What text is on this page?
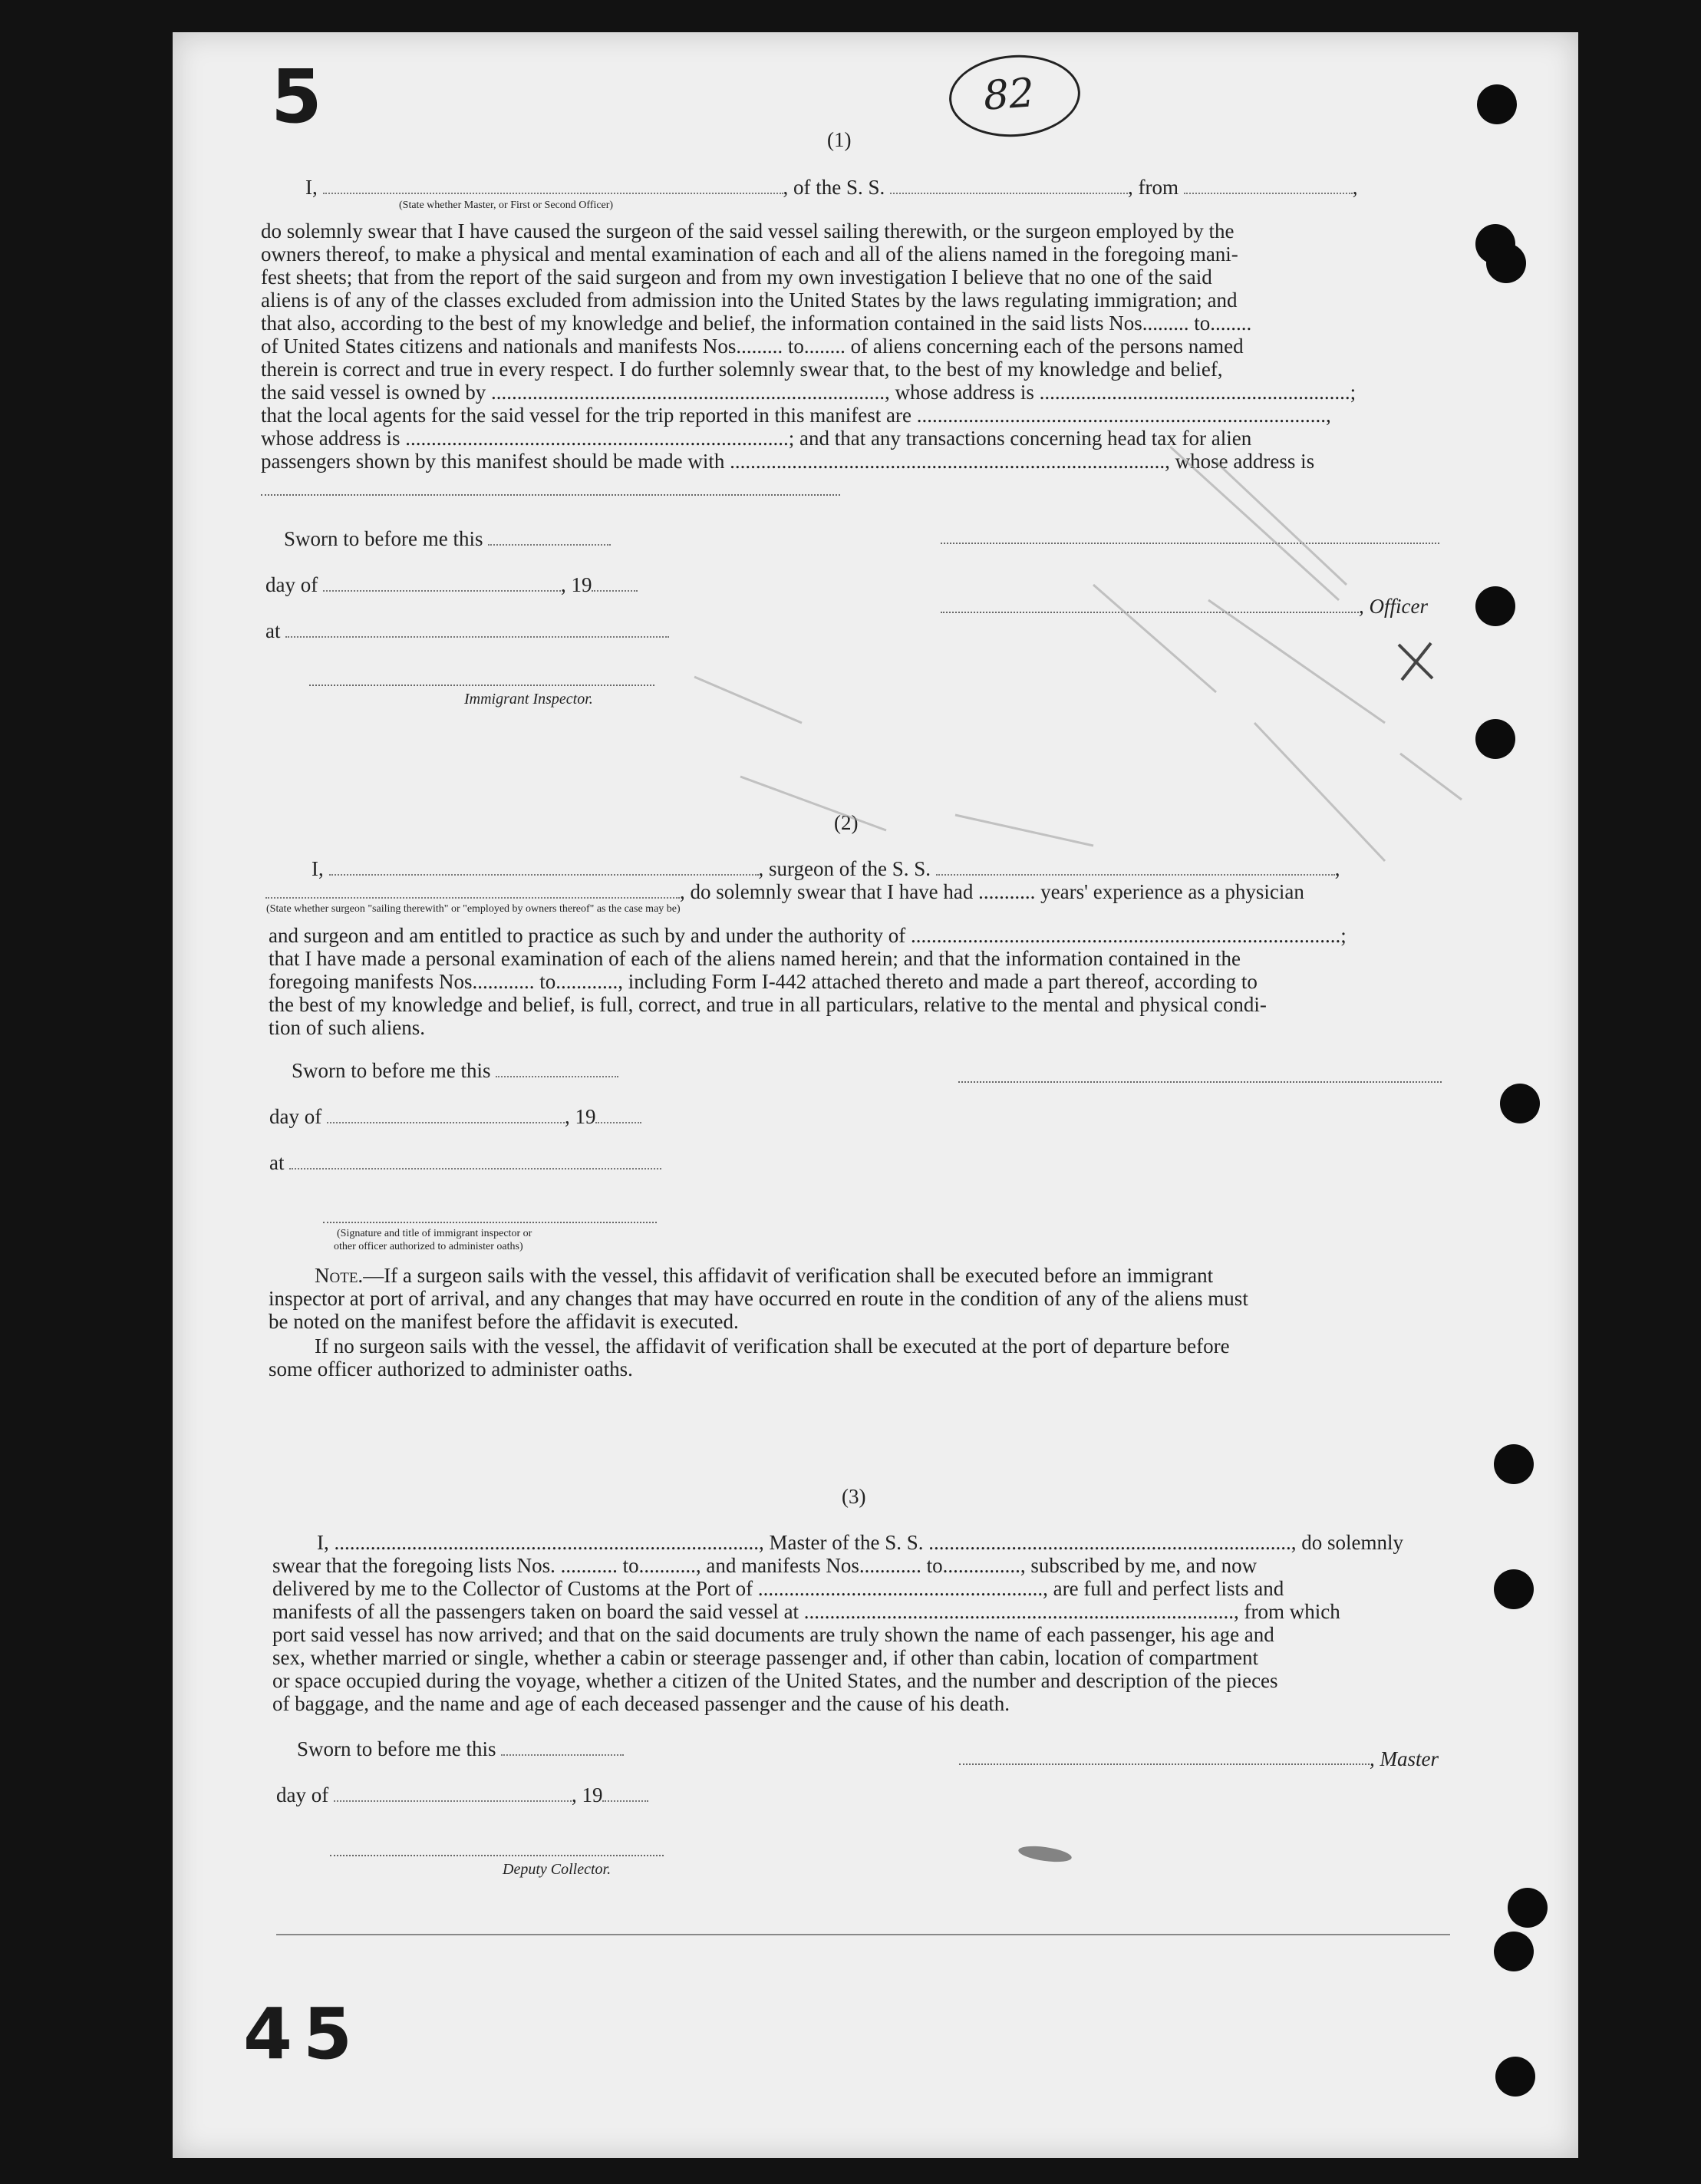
5
45
82
(1)
I,	, of the S. S.	, from	,
(State whether Master, or First or Second Officer)
do solemnly swear that I have caused the surgeon of the said vessel sailing therewith, or the surgeon employed by the
owners thereof, to make a physical and mental examination of each and all of the aliens named in the foregoing mani-
fest sheets; that from the report of the said surgeon and from my own investigation I believe that no one of the said
aliens is of any of the classes excluded from admission into the United States by the laws regulating immigration; and
that also, according to the best of my knowledge and belief, the information contained in the said lists Nos......... to........
of United States citizens and nationals and manifests Nos......... to........ of aliens concerning each of the persons named
therein is correct and true in every respect. I do further solemnly swear that, to the best of my knowledge and belief,
the said vessel is owned by ............................................................................, whose address is ............................................................;
that the local agents for the said vessel for the trip reported in this manifest are ...............................................................................,
whose address is ..........................................................................; and that any transactions concerning head tax for alien
passengers shown by this manifest should be made with ...................................................................................., whose address is
Sworn to before me this
day of	, 19
at
Immigrant Inspector.
, Officer
(2)
I,	, surgeon of the S. S.	,
, do solemnly swear that I have had ........... years' experience as a physician
(State whether surgeon "sailing therewith" or "employed by owners thereof" as the case may be)
and surgeon and am entitled to practice as such by and under the authority of ...................................................................................;
that I have made a personal examination of each of the aliens named herein; and that the information contained in the
foregoing manifests Nos............ to............, including Form I-442 attached thereto and made a part thereof, according to
the best of my knowledge and belief, is full, correct, and true in all particulars, relative to the mental and physical condi-
tion of such aliens.
Sworn to before me this
day of	, 19
at
(Signature and title of immigrant inspector or
other officer authorized to administer oaths)
Note.—If a surgeon sails with the vessel, this affidavit of verification shall be executed before an immigrant
inspector at port of arrival, and any changes that may have occurred en route in the condition of any of the aliens must
be noted on the manifest before the affidavit is executed.
If no surgeon sails with the vessel, the affidavit of verification shall be executed at the port of departure before
some officer authorized to administer oaths.
(3)
I, .................................................................................., Master of the S. S. ......................................................................, do solemnly
swear that the foregoing lists Nos. ........... to..........., and manifests Nos............ to..............., subscribed by me, and now
delivered by me to the Collector of Customs at the Port of ......................................................., are full and perfect lists and
manifests of all the passengers taken on board the said vessel at ..................................................................................., from which
port said vessel has now arrived; and that on the said documents are truly shown the name of each passenger, his age and
sex, whether married or single, whether a cabin or steerage passenger and, if other than cabin, location of compartment
or space occupied during the voyage, whether a citizen of the United States, and the number and description of the pieces
of baggage, and the name and age of each deceased passenger and the cause of his death.
Sworn to before me this
day of	, 19
, Master
Deputy Collector.
